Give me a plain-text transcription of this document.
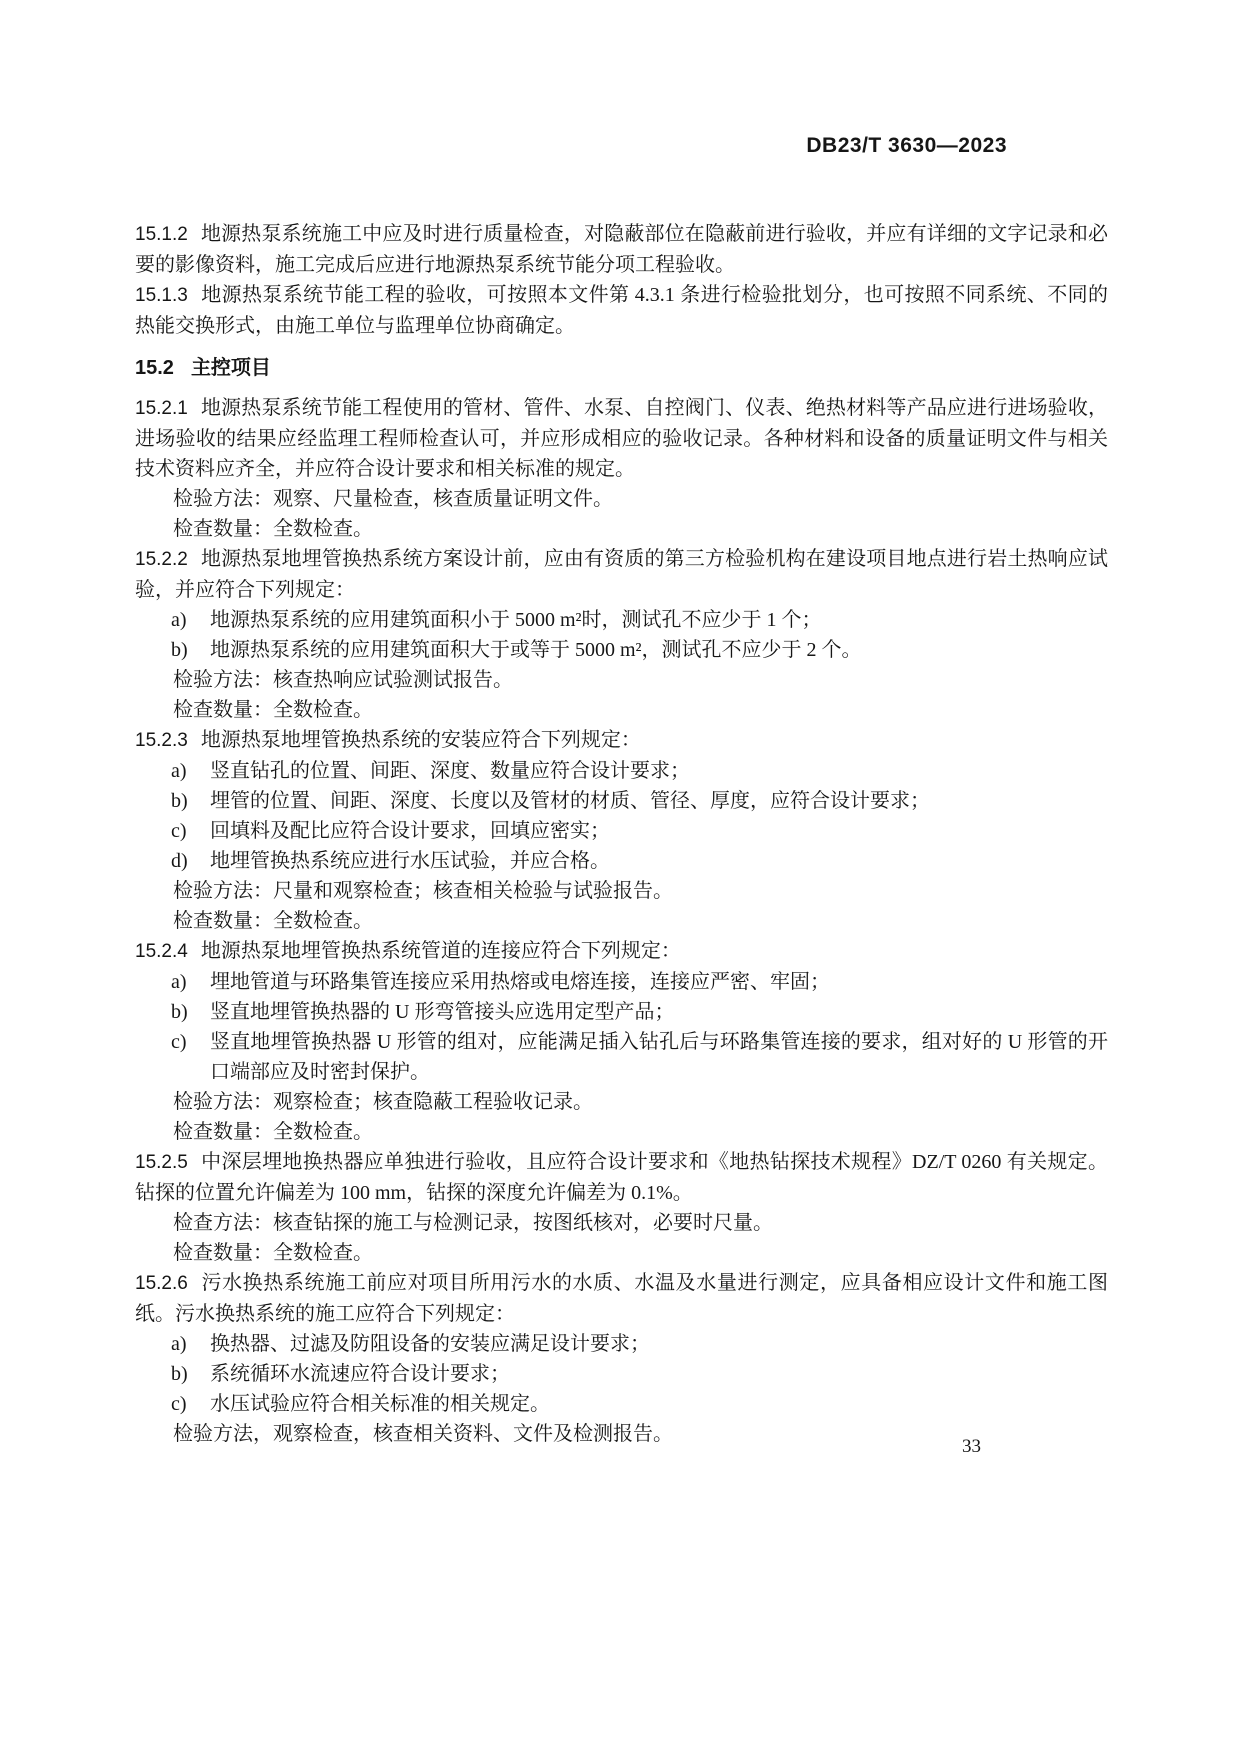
DB23/T 3630—2023

15.1.2 地源热泵系统施工中应及时进行质量检查，对隐蔽部位在隐蔽前进行验收，并应有详细的文字记录和必要的影像资料，施工完成后应进行地源热泵系统节能分项工程验收。

15.1.3 地源热泵系统节能工程的验收，可按照本文件第 4.3.1 条进行检验批划分，也可按照不同系统、不同的热能交换形式，由施工单位与监理单位协商确定。

15.2 主控项目

15.2.1 地源热泵系统节能工程使用的管材、管件、水泵、自控阀门、仪表、绝热材料等产品应进行进场验收，进场验收的结果应经监理工程师检查认可，并应形成相应的验收记录。各种材料和设备的质量证明文件与相关技术资料应齐全，并应符合设计要求和相关标准的规定。

检验方法：观察、尺量检查，核查质量证明文件。

检查数量：全数检查。

15.2.2 地源热泵地埋管换热系统方案设计前，应由有资质的第三方检验机构在建设项目地点进行岩土热响应试验，并应符合下列规定：

a) 地源热泵系统的应用建筑面积小于 5000 m²时，测试孔不应少于 1 个；

b) 地源热泵系统的应用建筑面积大于或等于 5000 m²，测试孔不应少于 2 个。

检验方法：核查热响应试验测试报告。

检查数量：全数检查。

15.2.3 地源热泵地埋管换热系统的安装应符合下列规定：

a) 竖直钻孔的位置、间距、深度、数量应符合设计要求；

b) 埋管的位置、间距、深度、长度以及管材的材质、管径、厚度，应符合设计要求；

c) 回填料及配比应符合设计要求，回填应密实；

d) 地埋管换热系统应进行水压试验，并应合格。

检验方法：尺量和观察检查；核查相关检验与试验报告。

检查数量：全数检查。

15.2.4 地源热泵地埋管换热系统管道的连接应符合下列规定：

a) 埋地管道与环路集管连接应采用热熔或电熔连接，连接应严密、牢固；

b) 竖直地埋管换热器的 U 形弯管接头应选用定型产品；

c) 竖直地埋管换热器 U 形管的组对，应能满足插入钻孔后与环路集管连接的要求，组对好的 U 形管的开口端部应及时密封保护。

检验方法：观察检查；核查隐蔽工程验收记录。

检查数量：全数检查。

15.2.5 中深层埋地换热器应单独进行验收，且应符合设计要求和《地热钻探技术规程》DZ/T 0260 有关规定。钻探的位置允许偏差为 100 mm，钻探的深度允许偏差为 0.1%。

检查方法：核查钻探的施工与检测记录，按图纸核对，必要时尺量。

检查数量：全数检查。

15.2.6 污水换热系统施工前应对项目所用污水的水质、水温及水量进行测定，应具备相应设计文件和施工图纸。污水换热系统的施工应符合下列规定：

a) 换热器、过滤及防阻设备的安装应满足设计要求；

b) 系统循环水流速应符合设计要求；

c) 水压试验应符合相关标准的相关规定。

检验方法，观察检查，核查相关资料、文件及检测报告。

33
